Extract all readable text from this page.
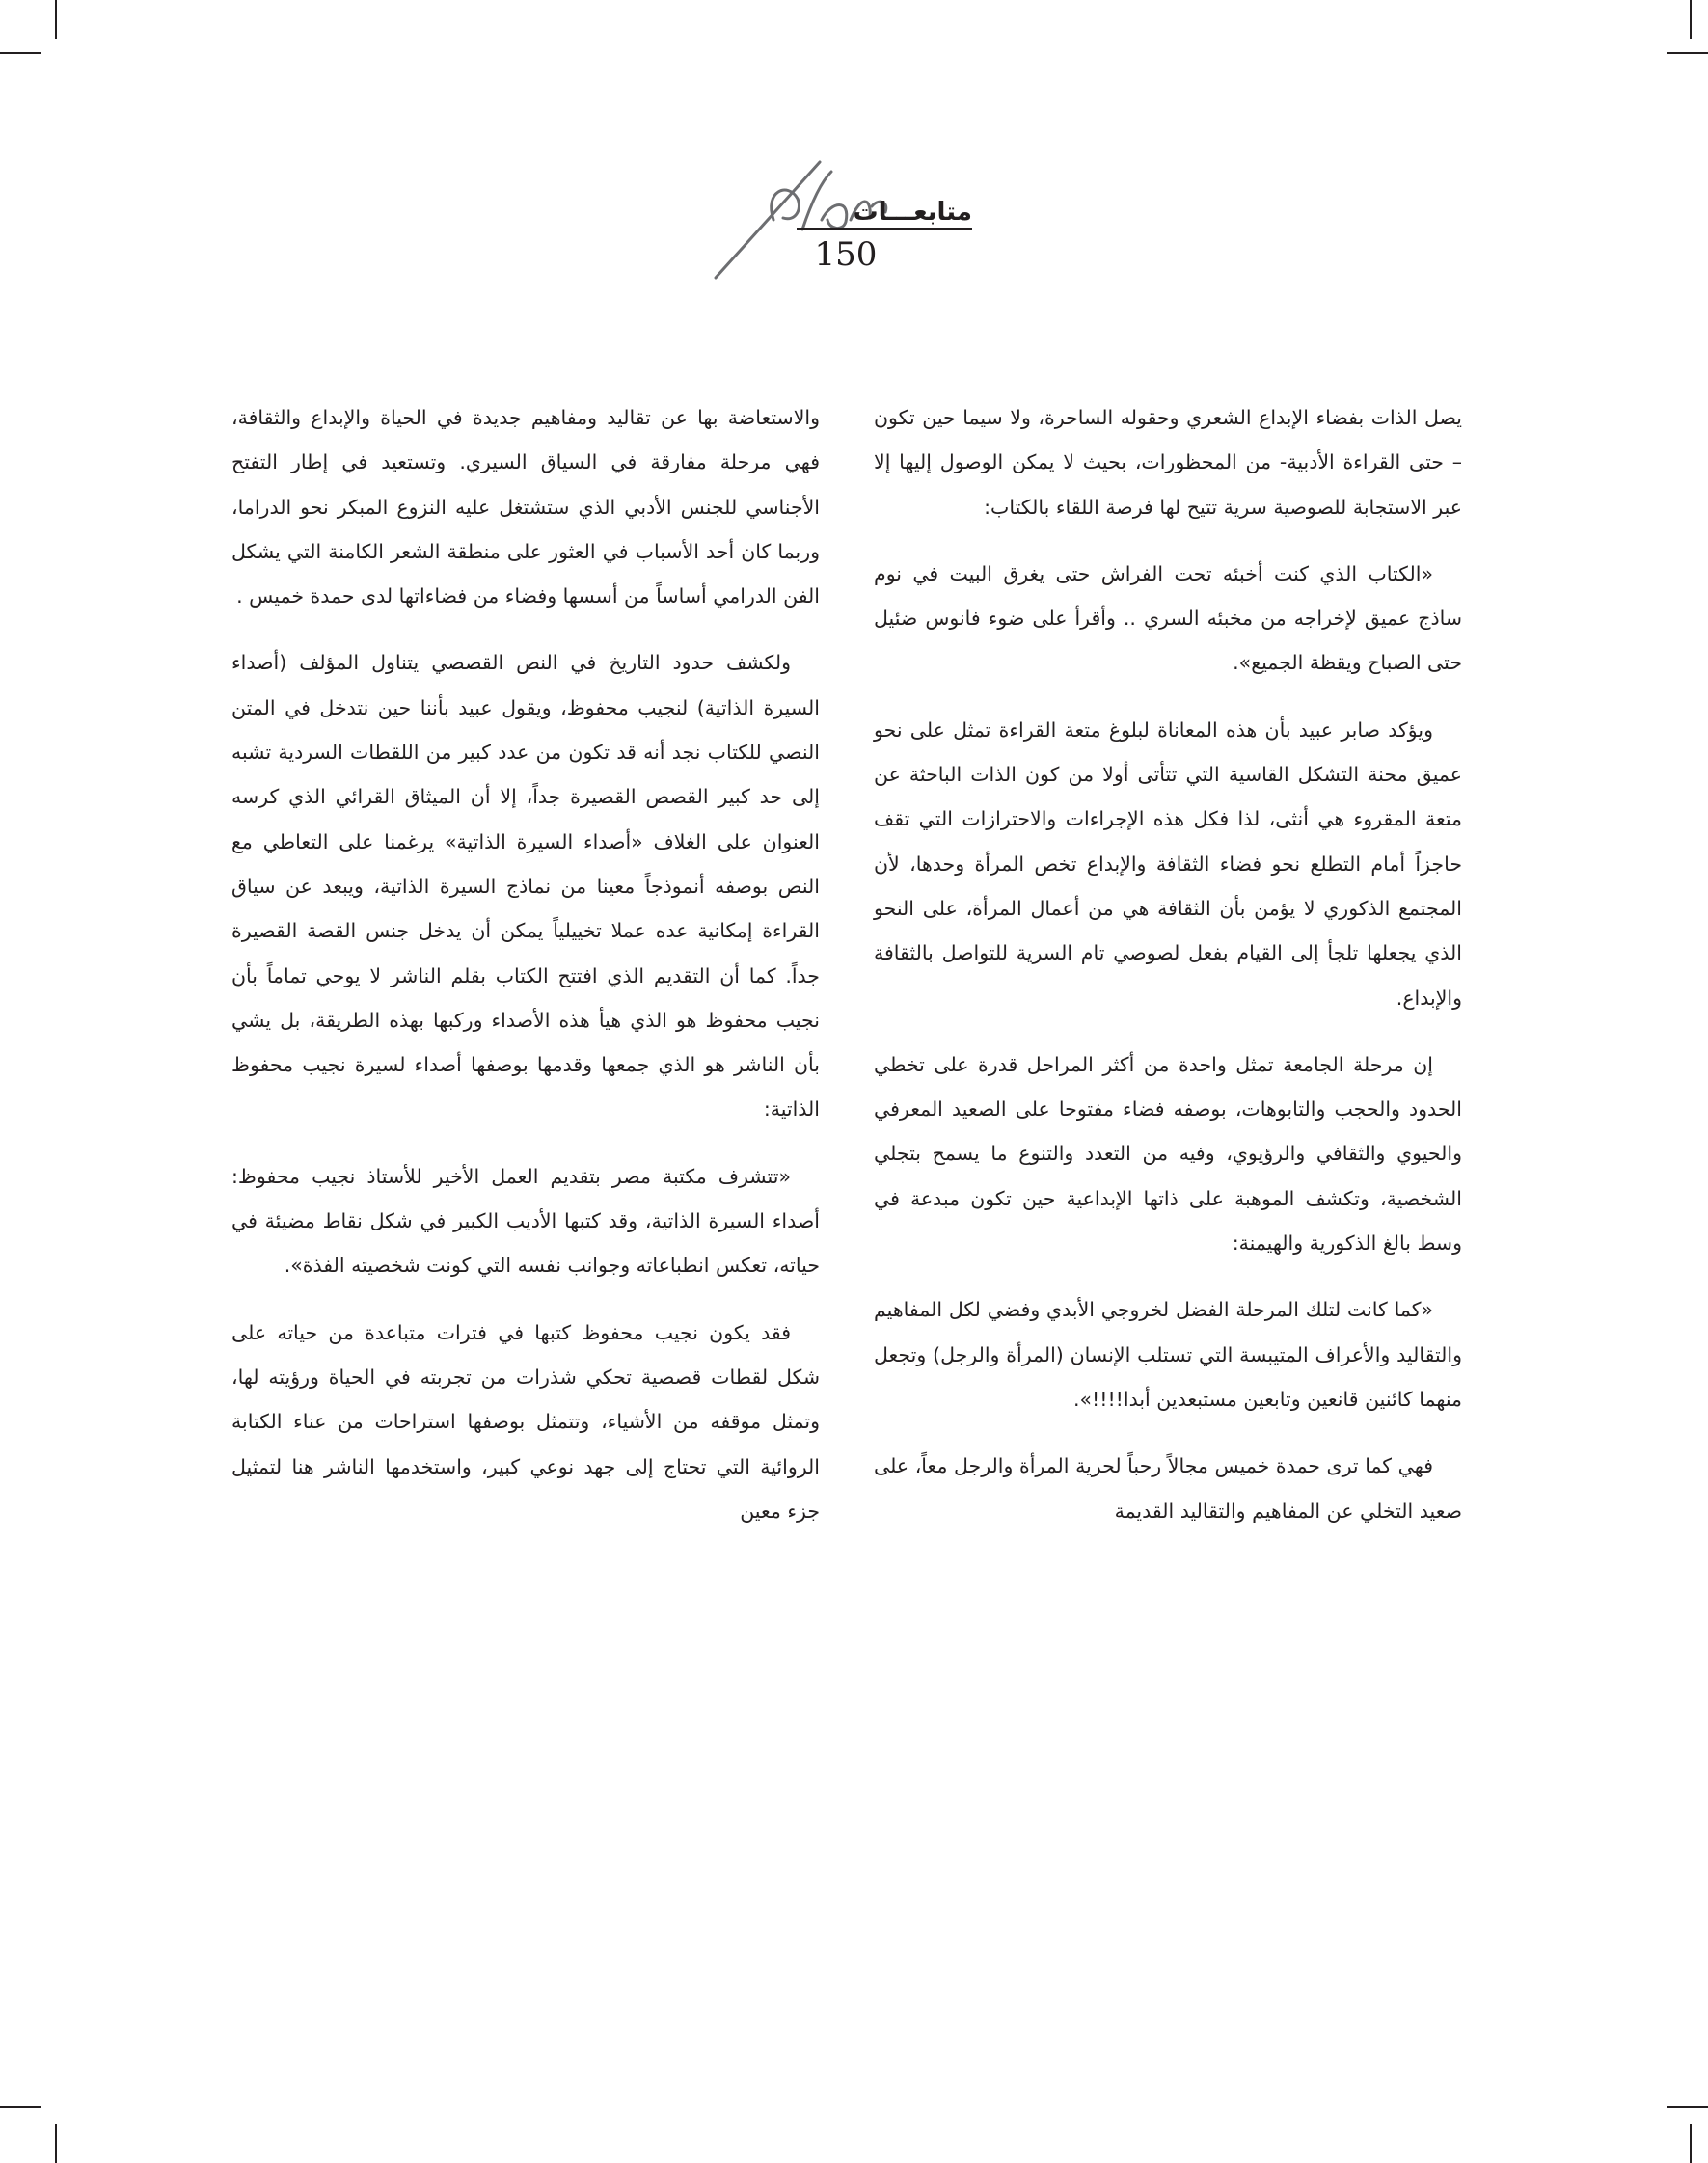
متابعـــات
150

يصل الذات بفضاء الإبداع الشعري وحقوله الساحرة، ولا سيما حين تكون – حتى القراءة الأدبية- من المحظورات، بحيث لا يمكن الوصول إليها إلا عبر الاستجابة للصوصية سرية تتيح لها فرصة اللقاء بالكتاب:

«الكتاب الذي كنت أخبئه تحت الفراش حتى يغرق البيت في نوم ساذج عميق لإخراجه من مخبئه السري .. وأقرأ على ضوء فانوس ضئيل حتى الصباح ويقظة الجميع».

ويؤكد صابر عبيد بأن هذه المعاناة لبلوغ متعة القراءة تمثل على نحو عميق محنة التشكل القاسية التي تتأتى أولا من كون الذات الباحثة عن متعة المقروء هي أنثى، لذا فكل هذه الإجراءات والاحترازات التي تقف حاجزاً أمام التطلع نحو فضاء الثقافة والإبداع تخص المرأة وحدها، لأن المجتمع الذكوري لا يؤمن بأن الثقافة هي من أعمال المرأة، على النحو الذي يجعلها تلجأ إلى القيام بفعل لصوصي تام السرية للتواصل بالثقافة والإبداع.

إن مرحلة الجامعة تمثل واحدة من أكثر المراحل قدرة على تخطي الحدود والحجب والتابوهات، بوصفه فضاء مفتوحا على الصعيد المعرفي والحيوي والثقافي والرؤيوي، وفيه من التعدد والتنوع ما يسمح بتجلي الشخصية، وتكشف الموهبة على ذاتها الإبداعية حين تكون مبدعة في وسط بالغ الذكورية والهيمنة:

«كما كانت لتلك المرحلة الفضل لخروجي الأبدي وفضي لكل المفاهيم والتقاليد والأعراف المتيبسة التي تستلب الإنسان (المرأة والرجل) وتجعل منهما كائنين قانعين وتابعين مستبعدين أبدا!!!!».

فهي كما ترى حمدة خميس مجالاً رحباً لحرية المرأة والرجل معاً، على صعيد التخلي عن المفاهيم والتقاليد القديمة

والاستعاضة بها عن تقاليد ومفاهيم جديدة في الحياة والإبداع والثقافة، فهي مرحلة مفارقة في السياق السيري. وتستعيد في إطار التفتح الأجناسي للجنس الأدبي الذي ستشتغل عليه النزوع المبكر نحو الدراما، وربما كان أحد الأسباب في العثور على منطقة الشعر الكامنة التي يشكل الفن الدرامي أساساً من أسسها وفضاء من فضاءاتها لدى حمدة خميس .

ولكشف حدود التاريخ في النص القصصي يتناول المؤلف (أصداء السيرة الذاتية) لنجيب محفوظ، ويقول عبيد بأننا حين نتدخل في المتن النصي للكتاب نجد أنه قد تكون من عدد كبير من اللقطات السردية تشبه إلى حد كبير القصص القصيرة جداً، إلا أن الميثاق القرائي الذي كرسه العنوان على الغلاف «أصداء السيرة الذاتية» يرغمنا على التعاطي مع النص بوصفه أنموذجاً معينا من نماذج السيرة الذاتية، ويبعد عن سياق القراءة إمكانية عده عملا تخييلياً يمكن أن يدخل جنس القصة القصيرة جداً. كما أن التقديم الذي افتتح الكتاب بقلم الناشر لا يوحي تماماً بأن نجيب محفوظ هو الذي هيأ هذه الأصداء وركبها بهذه الطريقة، بل يشي بأن الناشر هو الذي جمعها وقدمها بوصفها أصداء لسيرة نجيب محفوظ الذاتية:

«تتشرف مكتبة مصر بتقديم العمل الأخير للأستاذ نجيب محفوظ: أصداء السيرة الذاتية، وقد كتبها الأديب الكبير في شكل نقاط مضيئة في حياته، تعكس انطباعاته وجوانب نفسه التي كونت شخصيته الفذة».

فقد يكون نجيب محفوظ كتبها في فترات متباعدة من حياته على شكل لقطات قصصية تحكي شذرات من تجربته في الحياة ورؤيته لها، وتمثل موقفه من الأشياء، وتتمثل بوصفها استراحات من عناء الكتابة الروائية التي تحتاج إلى جهد نوعي كبير، واستخدمها الناشر هنا لتمثيل جزء معين
